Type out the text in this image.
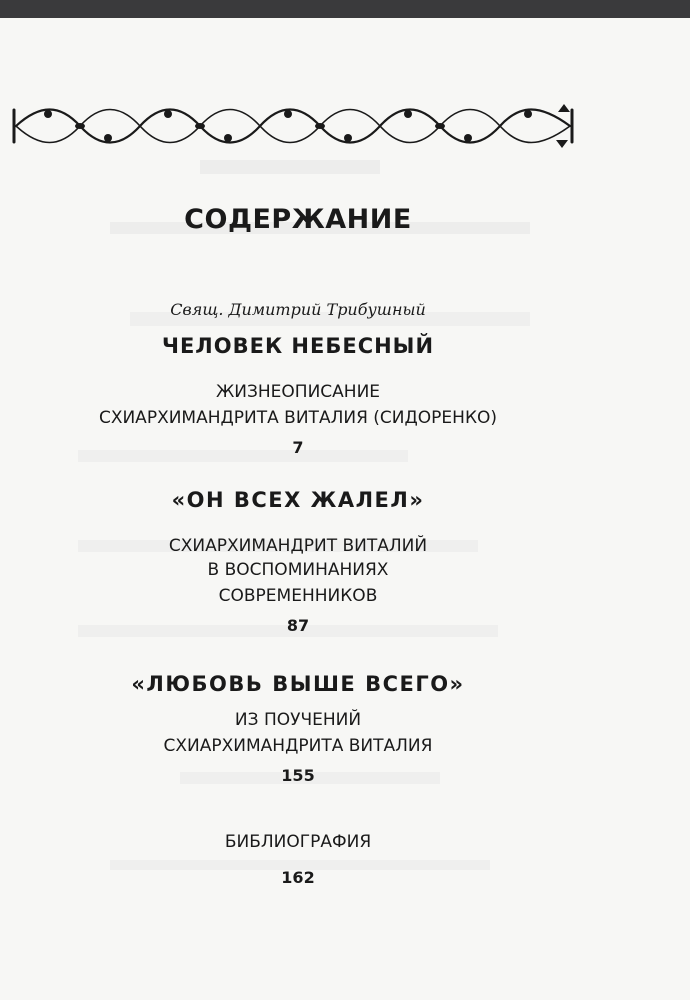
СОДЕРЖАНИЕ
Свящ. Димитрий Трибушный
ЧЕЛОВЕК НЕБЕСНЫЙ
ЖИЗНЕОПИСАНИЕ
СХИАРХИМАНДРИТА ВИТАЛИЯ (СИДОРЕНКО)
7
«ОН ВСЕХ ЖАЛЕЛ»
СХИАРХИМАНДРИТ ВИТАЛИЙ
В ВОСПОМИНАНИЯХ
СОВРЕМЕННИКОВ
87
«ЛЮБОВЬ ВЫШЕ ВСЕГО»
ИЗ ПОУЧЕНИЙ
СХИАРХИМАНДРИТА ВИТАЛИЯ
155
БИБЛИОГРАФИЯ
162
